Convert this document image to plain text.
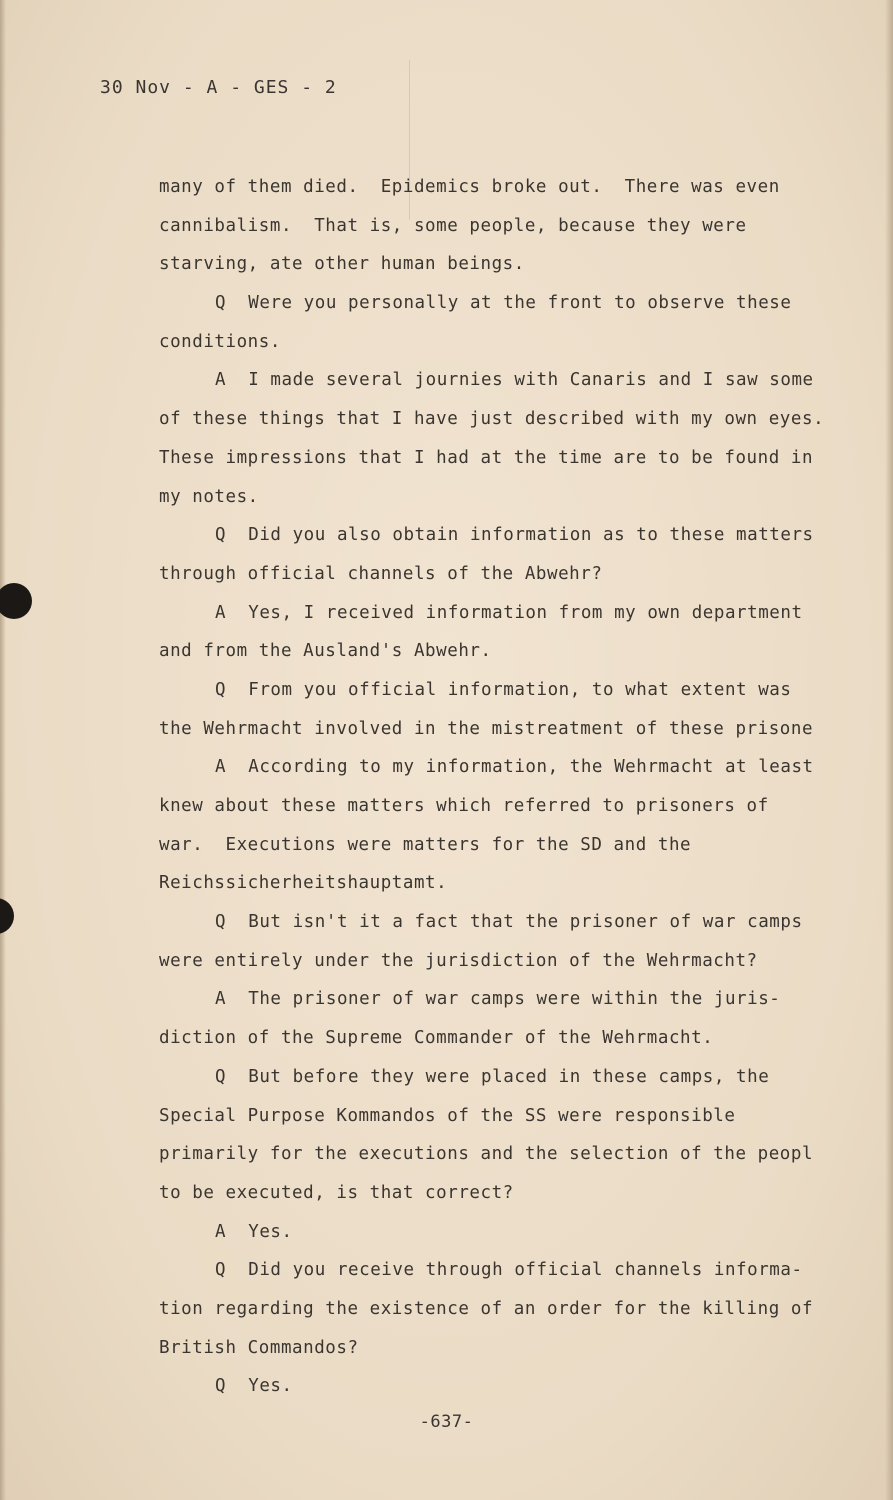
30 Nov - A - GES - 2
many of them died.  Epidemics broke out.  There was even
cannibalism.  That is, some people, because they were
starving, ate other human beings.
Q  Were you personally at the front to observe these
conditions.
A  I made several journies with Canaris and I saw some
of these things that I have just described with my own eyes.
These impressions that I had at the time are to be found in
my notes.
Q  Did you also obtain information as to these matters
through official channels of the Abwehr?
A  Yes, I received information from my own department
and from the Ausland's Abwehr.
Q  From you official information, to what extent was
the Wehrmacht involved in the mistreatment of these prisone
A  According to my information, the Wehrmacht at least
knew about these matters which referred to prisoners of
war.  Executions were matters for the SD and the
Reichssicherheitshauptamt.
Q  But isn't it a fact that the prisoner of war camps
were entirely under the jurisdiction of the Wehrmacht?
A  The prisoner of war camps were within the juris-
diction of the Supreme Commander of the Wehrmacht.
Q  But before they were placed in these camps, the
Special Purpose Kommandos of the SS were responsible
primarily for the executions and the selection of the peopl
to be executed, is that correct?
A  Yes.
Q  Did you receive through official channels informa-
tion regarding the existence of an order for the killing of
British Commandos?
Q  Yes.
-637-
